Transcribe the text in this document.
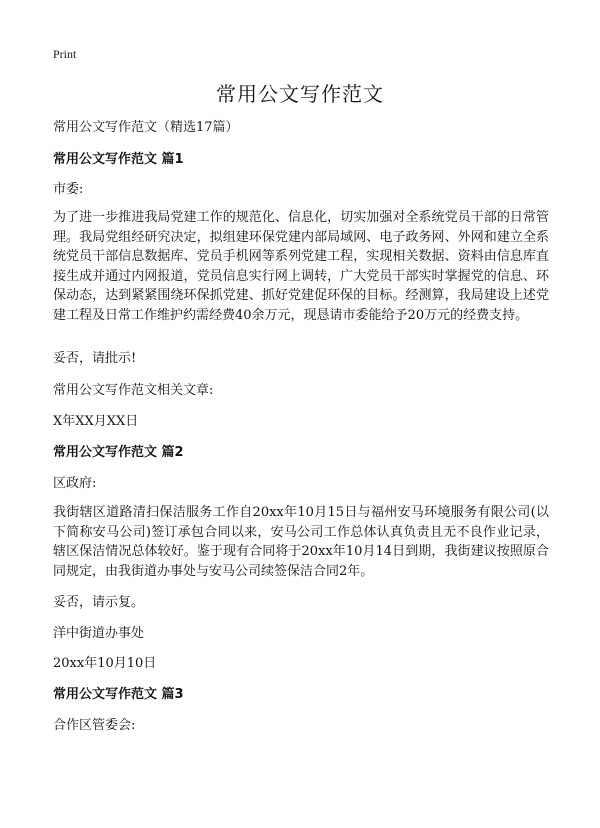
Print
常用公文写作范文
常用公文写作范文（精选17篇）
常用公文写作范文 篇1
市委:

为了进一步推进我局党建工作的规范化、信息化，切实加强对全系统党员干部的日常管理。我局党组经研究决定，拟组建环保党建内部局域网、电子政务网、外网和建立全系统党员干部信息数据库、党员手机网等系列党建工程，实现相关数据、资料由信息库直接生成并通过内网报道，党员信息实行网上调转，广大党员干部实时掌握党的信息、环保动态，达到紧紧围绕环保抓党建、抓好党建促环保的目标。经测算，我局建设上述党建工程及日常工作维护约需经费40余万元，现恳请市委能给予20万元的经费支持。

妥否，请批示!
常用公文写作范文相关文章:
X年XX月XX日
常用公文写作范文 篇2
区政府:

我街辖区道路清扫保洁服务工作自20xx年10月15日与福州安马环境服务有限公司(以下简称安马公司)签订承包合同以来，安马公司工作总体认真负责且无不良作业记录，辖区保洁情况总体较好。鉴于现有合同将于20xx年10月14日到期，我街建议按照原合同规定，由我街道办事处与安马公司续签保洁合同2年。

妥否，请示复。
洋中街道办事处
20xx年10月10日
常用公文写作范文 篇3
合作区管委会:
